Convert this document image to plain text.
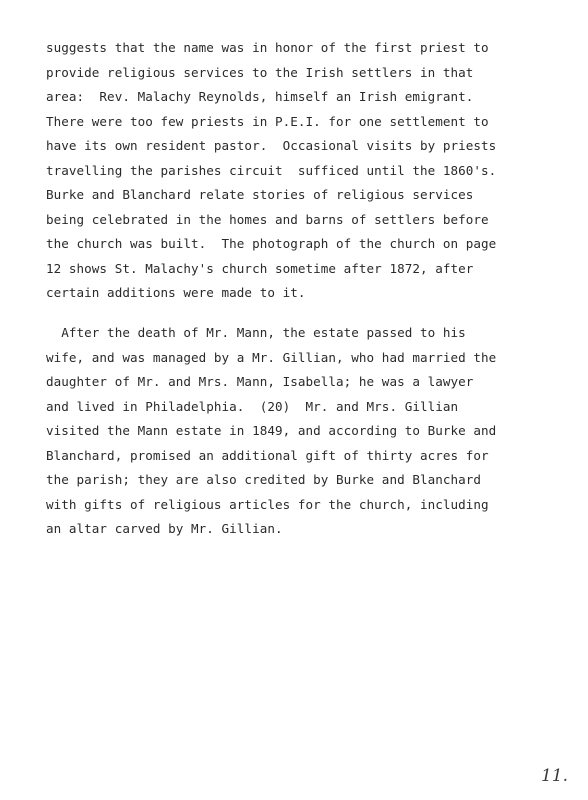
suggests that the name was in honor of the first priest to
provide religious services to the Irish settlers in that
area:  Rev. Malachy Reynolds, himself an Irish emigrant.
There were too few priests in P.E.I. for one settlement to
have its own resident pastor.  Occasional visits by priests
travelling the parishes circuit  sufficed until the 1860's.
Burke and Blanchard relate stories of religious services
being celebrated in the homes and barns of settlers before
the church was built.  The photograph of the church on page
12 shows St. Malachy's church sometime after 1872, after
certain additions were made to it.
After the death of Mr. Mann, the estate passed to his
wife, and was managed by a Mr. Gillian, who had married the
daughter of Mr. and Mrs. Mann, Isabella; he was a lawyer
and lived in Philadelphia.  (20)  Mr. and Mrs. Gillian
visited the Mann estate in 1849, and according to Burke and
Blanchard, promised an additional gift of thirty acres for
the parish; they are also credited by Burke and Blanchard
with gifts of religious articles for the church, including
an altar carved by Mr. Gillian.
11.
